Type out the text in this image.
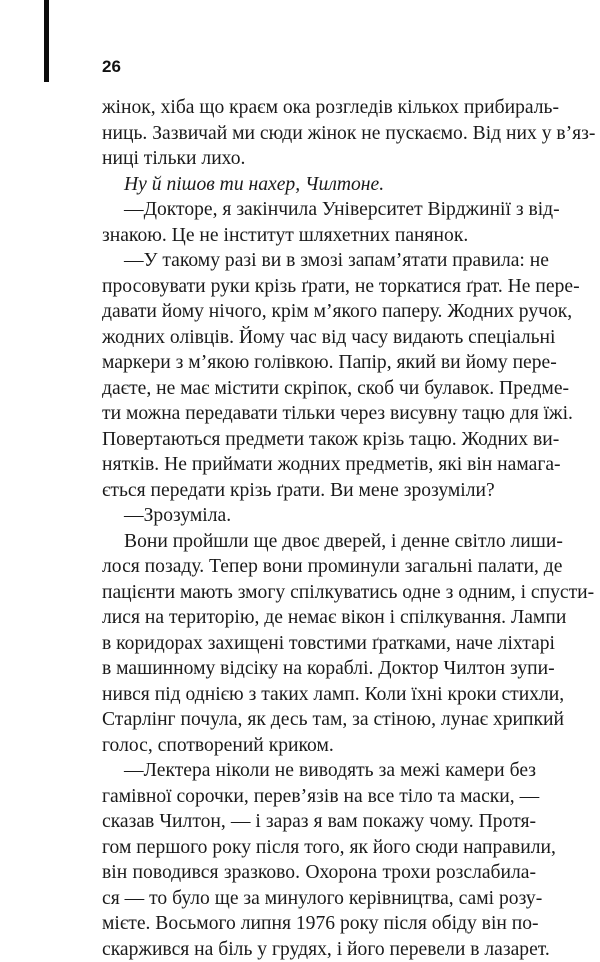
26
жінок, хіба що краєм ока розгледів кількох прибираль-
ниць. Зазвичай ми сюди жінок не пускаємо. Від них у в’яз-
ниці тільки лихо.
Ну й пішов ти нахер, Чилтоне.
—Докторе, я закінчила Університет Вірджинії з від-
знакою. Це не інститут шляхетних панянок.
—У такому разі ви в змозі запам’ятати правила: не
просовувати руки крізь ґрати, не торкатися ґрат. Не пере-
давати йому нічого, крім м’якого паперу. Жодних ручок,
жодних олівців. Йому час від часу видають спеціальні
маркери з м’якою голівкою. Папір, який ви йому пере-
даєте, не має містити скріпок, скоб чи булавок. Предме-
ти можна передавати тільки через висувну тацю для їжі.
Повертаються предмети також крізь тацю. Жодних ви-
нятків. Не приймати жодних предметів, які він намага-
ється передати крізь ґрати. Ви мене зрозуміли?
—Зрозуміла.
Вони пройшли ще двоє дверей, і денне світло лиши-
лося позаду. Тепер вони проминули загальні палати, де
пацієнти мають змогу спілкуватись одне з одним, і спусти-
лися на територію, де немає вікон і спілкування. Лампи
в коридорах захищені товстими ґратками, наче ліхтарі
в машинному відсіку на кораблі. Доктор Чилтон зупи-
нився під однією з таких ламп. Коли їхні кроки стихли,
Старлінг почула, як десь там, за стіною, лунає хрипкий
голос, спотворений криком.
—Лектера ніколи не виводять за межі камери без
гамівної сорочки, перев’язів на все тіло та маски, —
сказав Чилтон, — і зараз я вам покажу чому. Протя-
гом першого року після того, як його сюди направили,
він поводився зразково. Охорона трохи розслабила-
ся — то було ще за минулого керівництва, самі розу-
мієте. Восьмого липня 1976 року після обіду він по-
скаржився на біль у грудях, і його перевели в лазарет.
